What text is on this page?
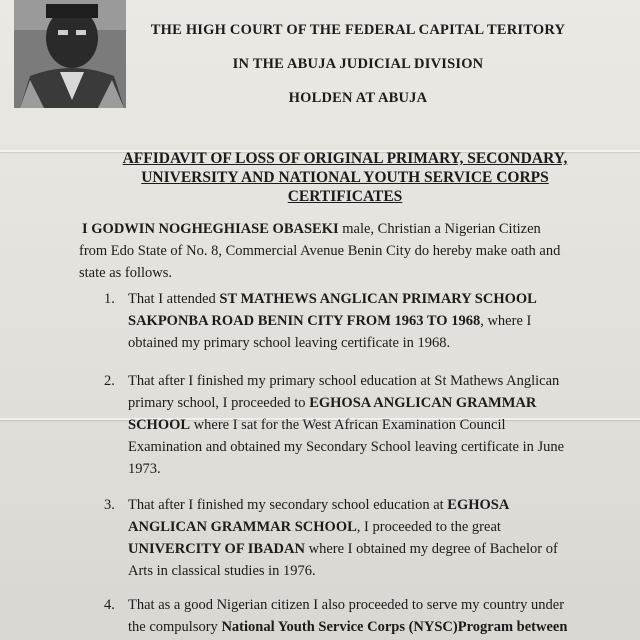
THE HIGH COURT OF THE FEDERAL CAPITAL TERITORY

IN THE ABUJA JUDICIAL DIVISION

HOLDEN AT ABUJA

AFFIDAVIT OF LOSS OF ORIGINAL PRIMARY, SECONDARY,
UNIVERSITY AND NATIONAL YOUTH SERVICE CORPS
CERTIFICATES

I GODWIN NOGHEGHIASE OBASEKI male, Christian a Nigerian Citizen
from Edo State of No. 8, Commercial Avenue Benin City do hereby make oath and
state as follows.

1. That I attended ST MATHEWS ANGLICAN PRIMARY SCHOOL
SAKPONBA ROAD BENIN CITY FROM 1963 TO 1968, where I
obtained my primary school leaving certificate in 1968.
2. That after I finished my primary school education at St Mathews Anglican
primary school, I proceeded to EGHOSA ANGLICAN GRAMMAR
SCHOOL where I sat for the West African Examination Council
Examination and obtained my Secondary School leaving certificate in June
1973.
3. That after I finished my secondary school education at EGHOSA
ANGLICAN GRAMMAR SCHOOL, I proceeded to the great
UNIVERCITY OF IBADAN where I obtained my degree of Bachelor of
Arts in classical studies in 1976.
4. That as a good Nigerian citizen I also proceeded to serve my country under
the compulsory National Youth Service Corps (NYSC)Program between
